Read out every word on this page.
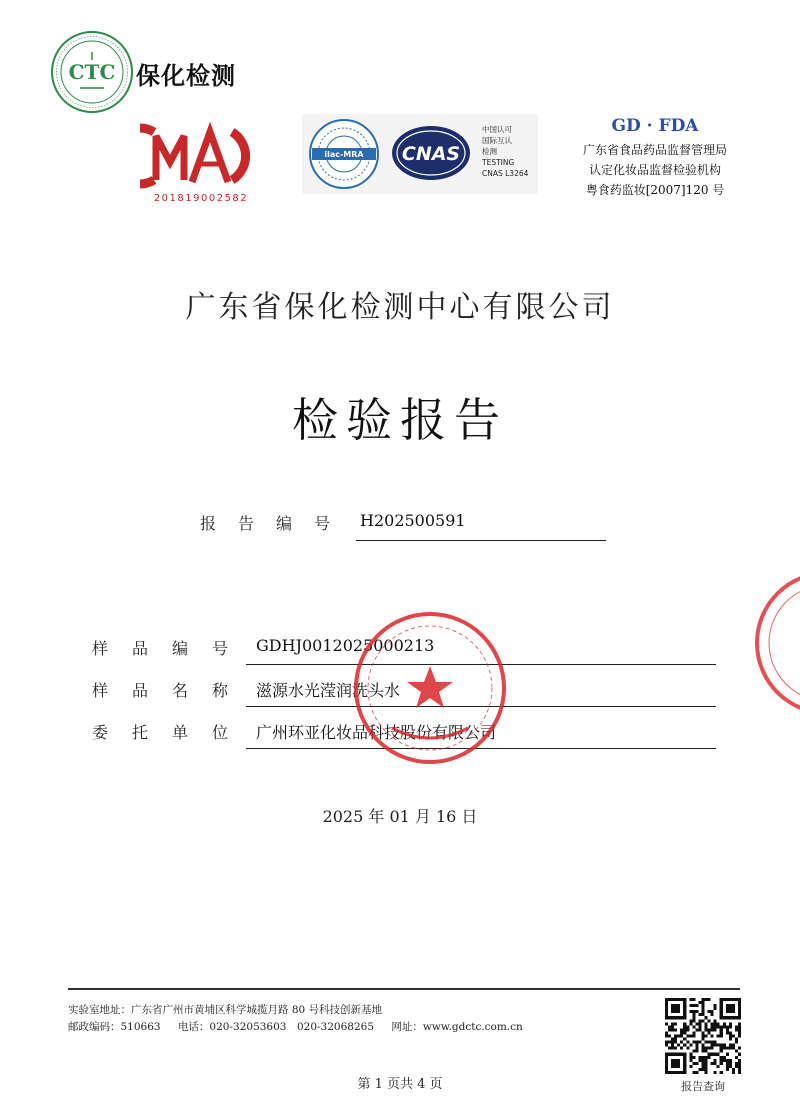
CTC 保化检测
201819002582
ilac-MRA CNAS
中国认可
国际互认
检测
TESTING
CNAS L3264
GD · FDA
广东省食品药品监督管理局
认定化妆品监督检验机构
粤食药监妆[2007]120 号
广东省保化检测中心有限公司
检验报告
报告编号 H202500591
样品编号 GDHJ0012025000213
样品名称 滋源水光滢润洗头水
委托单位 广州环亚化妆品科技股份有限公司
2025 年 01 月 16 日
实验室地址：广东省广州市黄埔区科学城揽月路 80 号科技创新基地
邮政编码：510663 电话：020-32053603　020-32068265 网址：www.gdctc.com.cn
报告查询
第 1 页共 4 页
